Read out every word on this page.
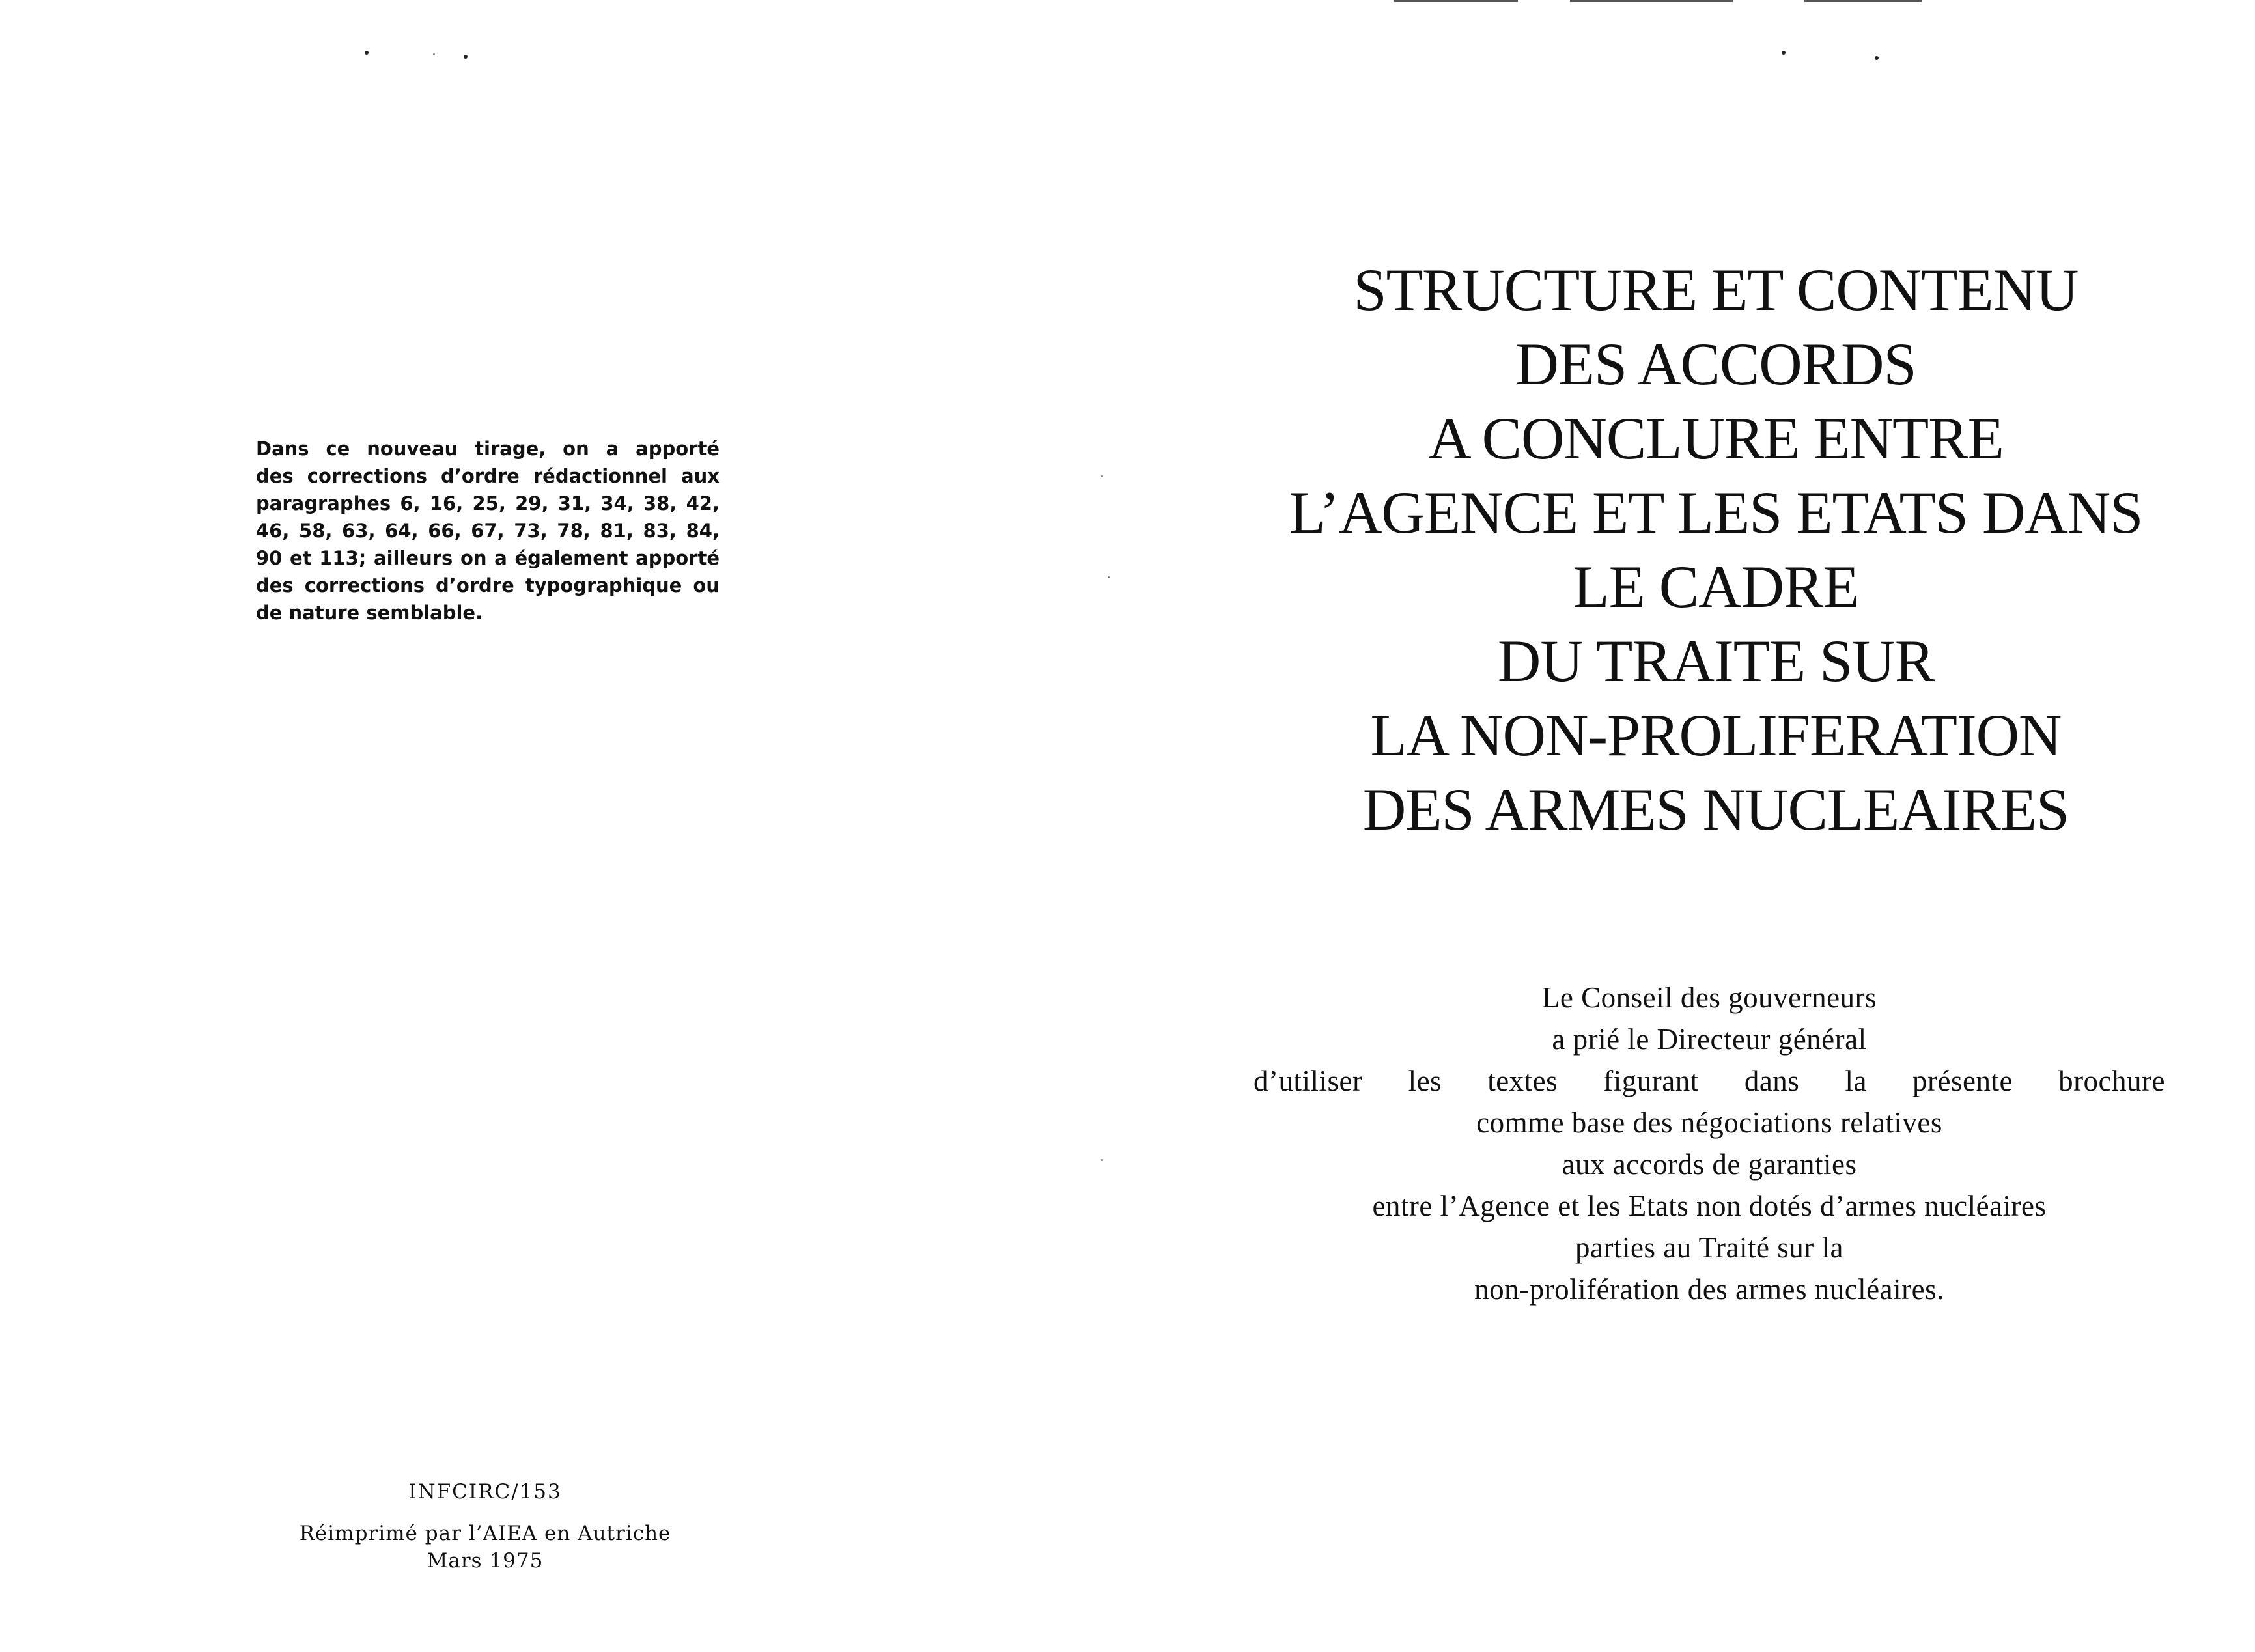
Dans ce nouveau tirage, on a apporté
des corrections d’ordre rédactionnel aux
paragraphes 6, 16, 25, 29, 31, 34, 38, 42,
46, 58, 63, 64, 66, 67, 73, 78, 81, 83, 84,
90 et 113; ailleurs on a également apporté
des corrections d’ordre typographique ou
de nature semblable.
INFCIRC/153
Réimprimé par l’AIEA en Autriche
Mars 1975
STRUCTURE ET CONTENU
DES ACCORDS
A CONCLURE ENTRE
L’AGENCE ET LES ETATS DANS
LE CADRE
DU TRAITE SUR
LA NON-PROLIFERATION
DES ARMES NUCLEAIRES
Le Conseil des gouverneurs
a prié le Directeur général
d’utiliser les textes figurant dans la présente brochure
comme base des négociations relatives
aux accords de garanties
entre l’Agence et les Etats non dotés d’armes nucléaires
parties au Traité sur la
non-prolifération des armes nucléaires.
